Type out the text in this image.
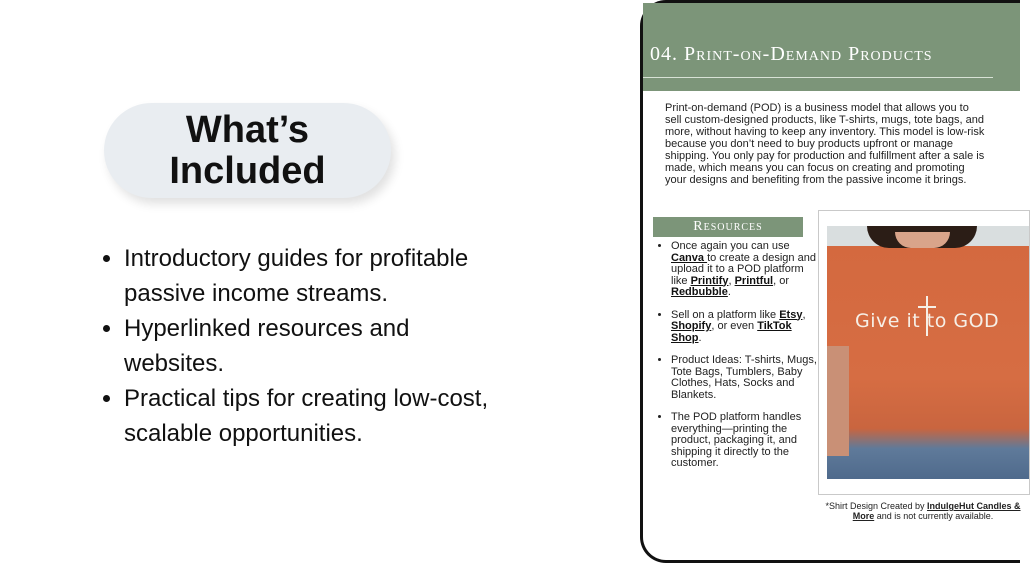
What’s
Included
• Introductory guides for profitable passive income streams.
• Hyperlinked resources and websites.
• Practical tips for creating low-cost, scalable opportunities.
04. Print-on-Demand Products

Print-on-demand (POD) is a business model that allows you to sell custom-designed products, like T-shirts, mugs, tote bags, and more, without having to keep any inventory. This model is low-risk because you don’t need to buy products upfront or manage shipping. You only pay for production and fulfillment after a sale is made, which means you can focus on creating and promoting your designs and benefiting from the passive income it brings.

Resources
• Once again you can use Canva to create a design and upload it to a POD platform like Printify, Printful, or Redbubble.
• Sell on a platform like Etsy, Shopify, or even TikTok Shop.
• Product Ideas: T-shirts, Mugs, Tote Bags, Tumblers, Baby Clothes, Hats, Socks and Blankets.
• The POD platform handles everything—printing the product, packaging it, and shipping it directly to the customer.
Give it to GOD
*Shirt Design Created by IndulgeHut Candles & More and is not currently available.
